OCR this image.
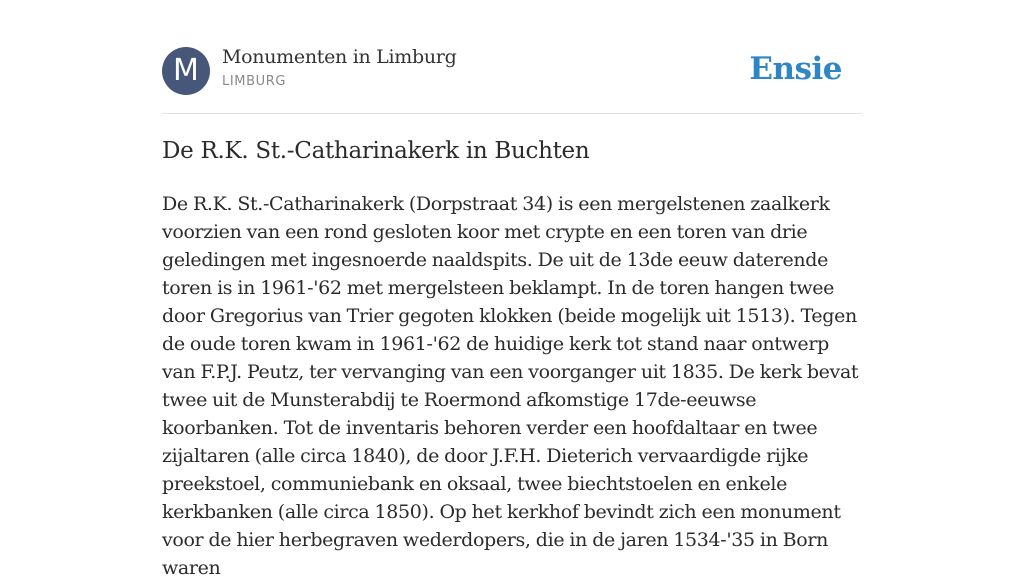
M	Monumenten in Limburg
LIMBURG	Ensie
De R.K. St.-Catharinakerk in Buchten

De R.K. St.-Catharinakerk (Dorpstraat 34) is een mergelstenen zaalkerk voorzien van een rond gesloten koor met crypte en een toren van drie geledingen met ingesnoerde naaldspits. De uit de 13de eeuw daterende toren is in 1961-'62 met mergelsteen beklampt. In de toren hangen twee door Gregorius van Trier gegoten klokken (beide mogelijk uit 1513). Tegen de oude toren kwam in 1961-'62 de huidige kerk tot stand naar ontwerp van F.P.J. Peutz, ter vervanging van een voorganger uit 1835. De kerk bevat twee uit de Munsterabdij te Roermond afkomstige 17de-eeuwse koorbanken. Tot de inventaris behoren verder een hoofdaltaar en twee zijaltaren (alle circa 1840), de door J.F.H. Dieterich vervaardigde rijke preekstoel, communiebank en oksaal, twee biechtstoelen en enkele kerkbanken (alle circa 1850). Op het kerkhof bevindt zich een monument voor de hier herbegraven wederdopers, die in de jaren 1534-'35 in Born waren
